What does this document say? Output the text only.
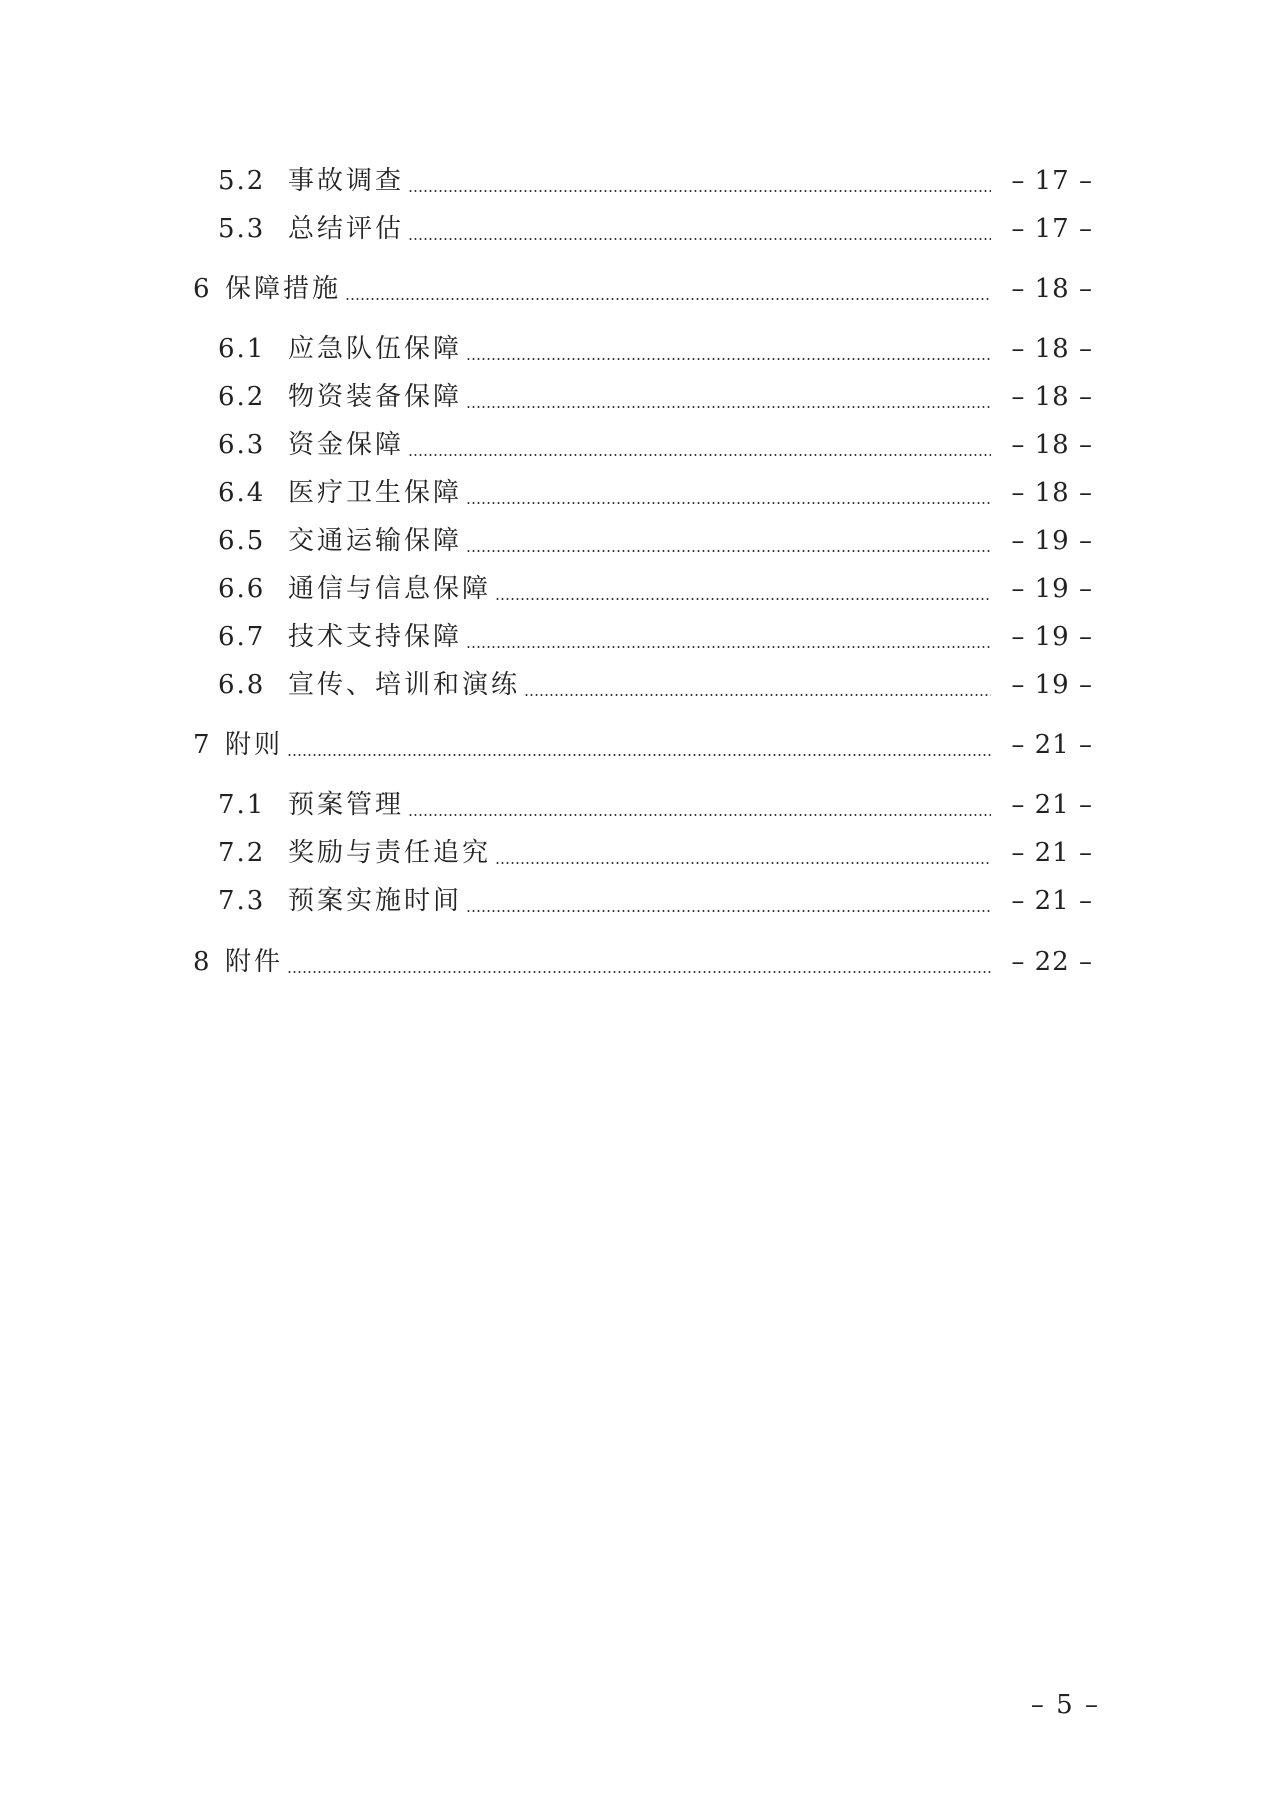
5.2 事故调查	– 17 –
5.3 总结评估	– 17 –
6 保障措施	– 18 –
6.1 应急队伍保障	– 18 –
6.2 物资装备保障	– 18 –
6.3 资金保障	– 18 –
6.4 医疗卫生保障	– 18 –
6.5 交通运输保障	– 19 –
6.6 通信与信息保障	– 19 –
6.7 技术支持保障	– 19 –
6.8 宣传、培训和演练	– 19 –
7 附则	– 21 –
7.1 预案管理	– 21 –
7.2 奖励与责任追究	– 21 –
7.3 预案实施时间	– 21 –
8 附件	– 22 –
– 5 –
